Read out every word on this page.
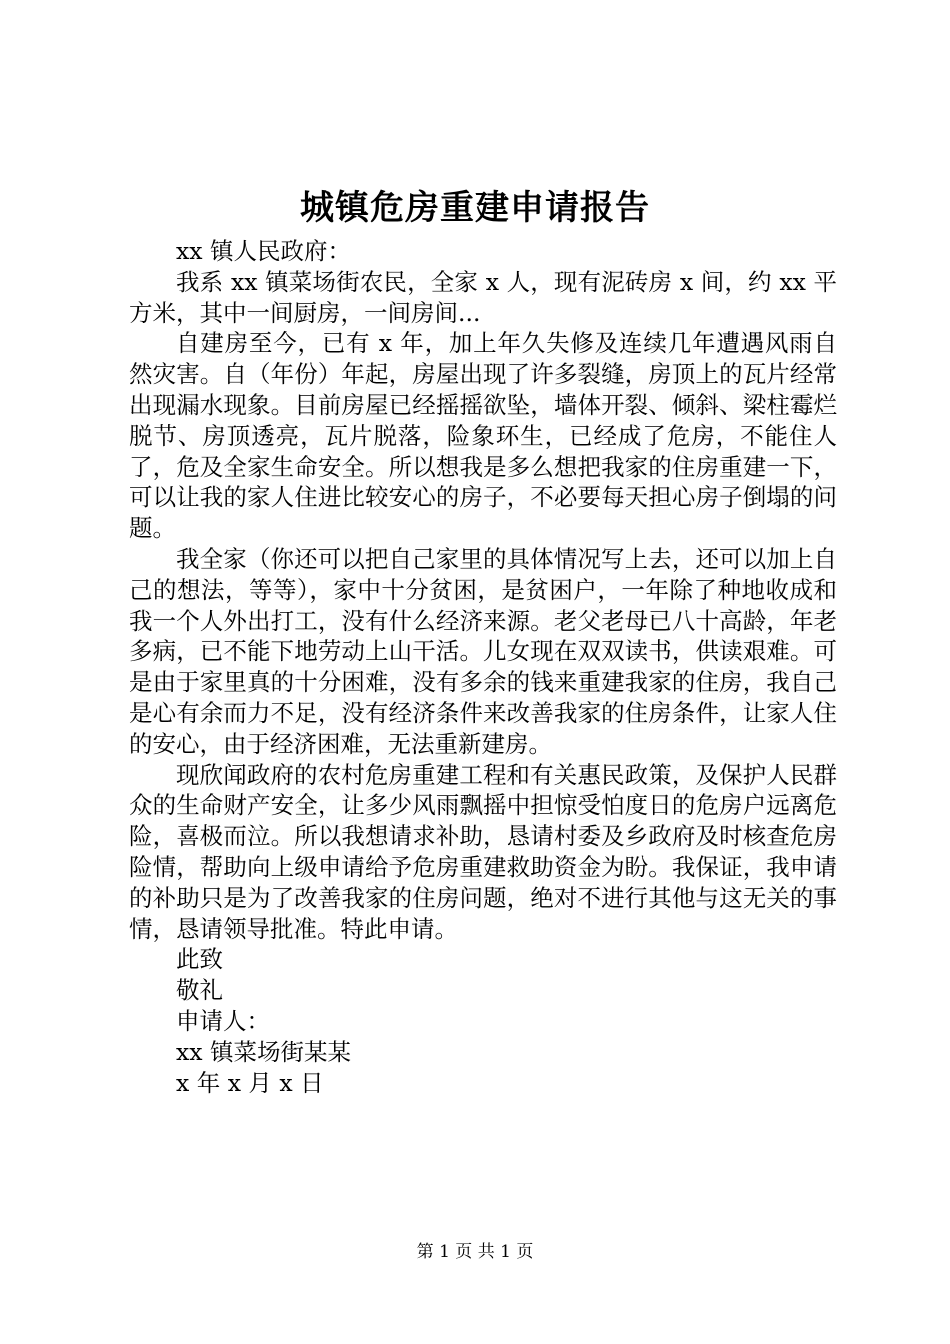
城镇危房重建申请报告

xx 镇人民政府：

我系 xx 镇菜场街农民，全家 x 人，现有泥砖房 x 间，约 xx 平方米，其中一间厨房，一间房间...

自建房至今，已有 x 年，加上年久失修及连续几年遭遇风雨自然灾害。自（年份）年起，房屋出现了许多裂缝，房顶上的瓦片经常出现漏水现象。目前房屋已经摇摇欲坠，墙体开裂、倾斜、梁柱霉烂脱节、房顶透亮，瓦片脱落，险象环生，已经成了危房，不能住人了，危及全家生命安全。所以想我是多么想把我家的住房重建一下，可以让我的家人住进比较安心的房子，不必要每天担心房子倒塌的问题。

我全家（你还可以把自己家里的具体情况写上去，还可以加上自己的想法，等等），家中十分贫困，是贫困户，一年除了种地收成和我一个人外出打工，没有什么经济来源。老父老母已八十高龄，年老多病，已不能下地劳动上山干活。儿女现在双双读书，供读艰难。可是由于家里真的十分困难，没有多余的钱来重建我家的住房，我自己是心有余而力不足，没有经济条件来改善我家的住房条件，让家人住的安心，由于经济困难，无法重新建房。

现欣闻政府的农村危房重建工程和有关惠民政策，及保护人民群众的生命财产安全，让多少风雨飘摇中担惊受怕度日的危房户远离危险，喜极而泣。所以我想请求补助，恳请村委及乡政府及时核查危房险情，帮助向上级申请给予危房重建救助资金为盼。我保证，我申请的补助只是为了改善我家的住房问题，绝对不进行其他与这无关的事情，恳请领导批准。特此申请。

此致

敬礼

申请人：

xx 镇菜场街某某

x 年 x 月 x 日

第 1 页 共 1 页
